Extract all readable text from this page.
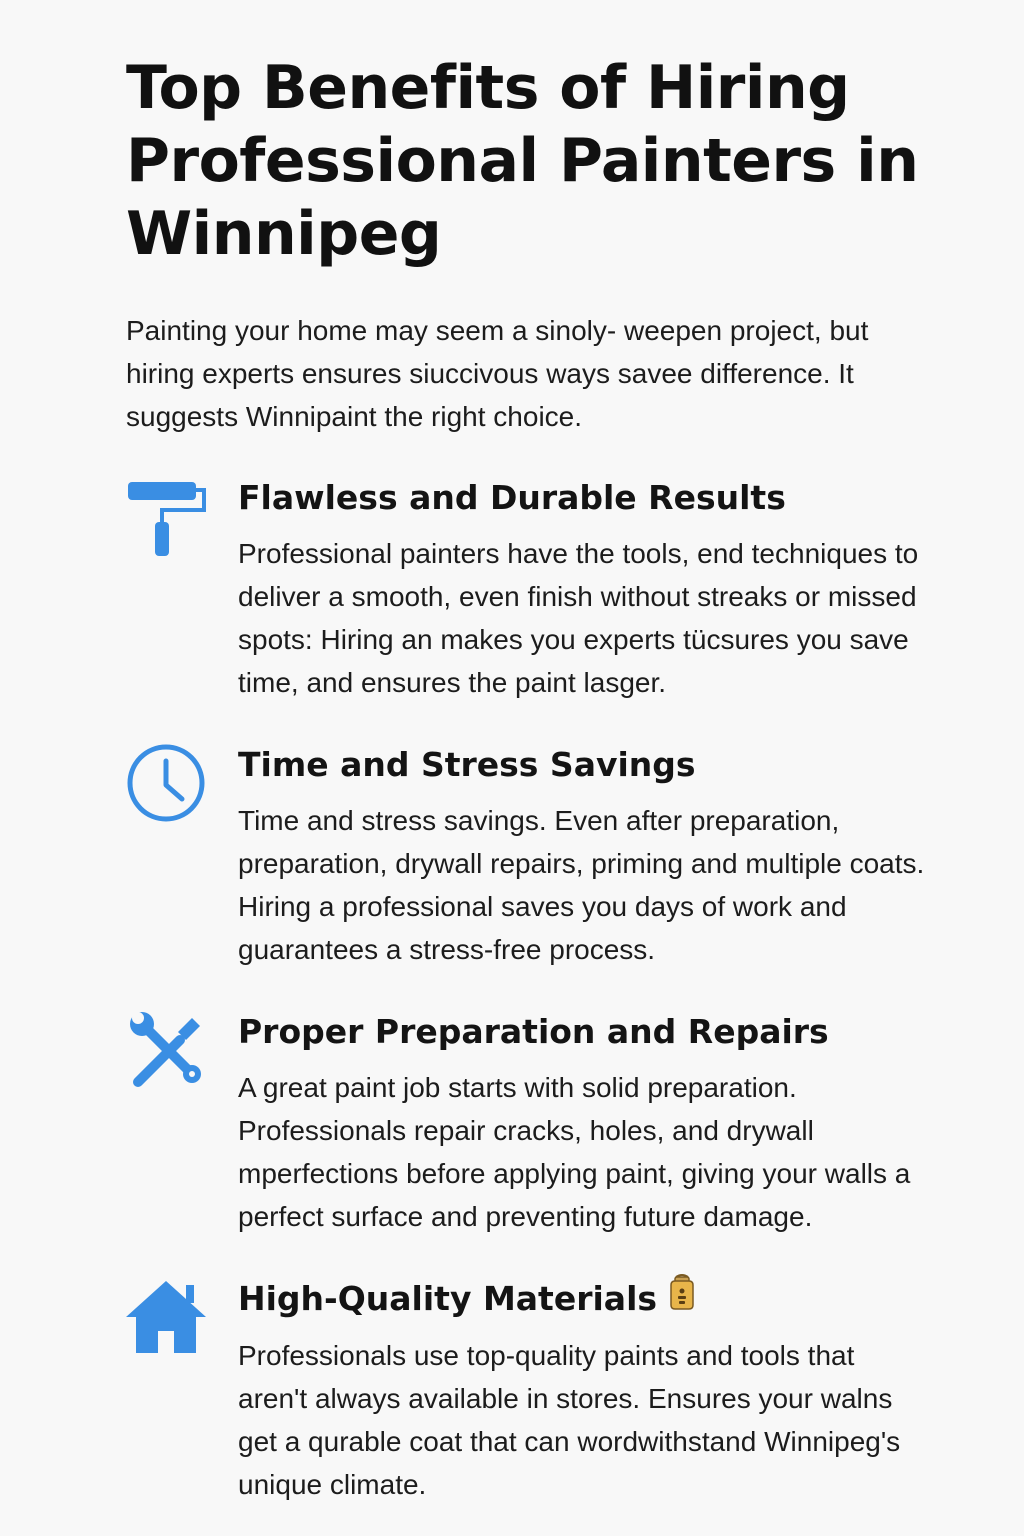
Top Benefits of Hiring Professional Painters in Winnipeg

Painting your home may seem a sinoly- weepen project, but hiring experts ensures siuccivous ways savee difference. It suggests Winnipaint the right choice.

Flawless and Durable Results

Professional painters have the tools, end techniques to deliver a smooth, even finish without streaks or missed spots: Hiring an makes you experts tücsures you save time, and ensures the paint lasger.

Time and Stress Savings

Time and stress savings. Even after preparation, preparation, drywall repairs, priming and multiple coats. Hiring a professional saves you days of work and guarantees a stress-free process.

Proper Preparation and Repairs

A great paint job starts with solid preparation. Professionals repair cracks, holes, and drywall mperfections before applying paint, giving your walls a perfect surface and preventing future damage.

High-Quality Materials

Professionals use top-quality paints and tools that aren't always available in stores. Ensures your walns get a qurable coat that can wordwithstand Winnipeg's unique climate.
